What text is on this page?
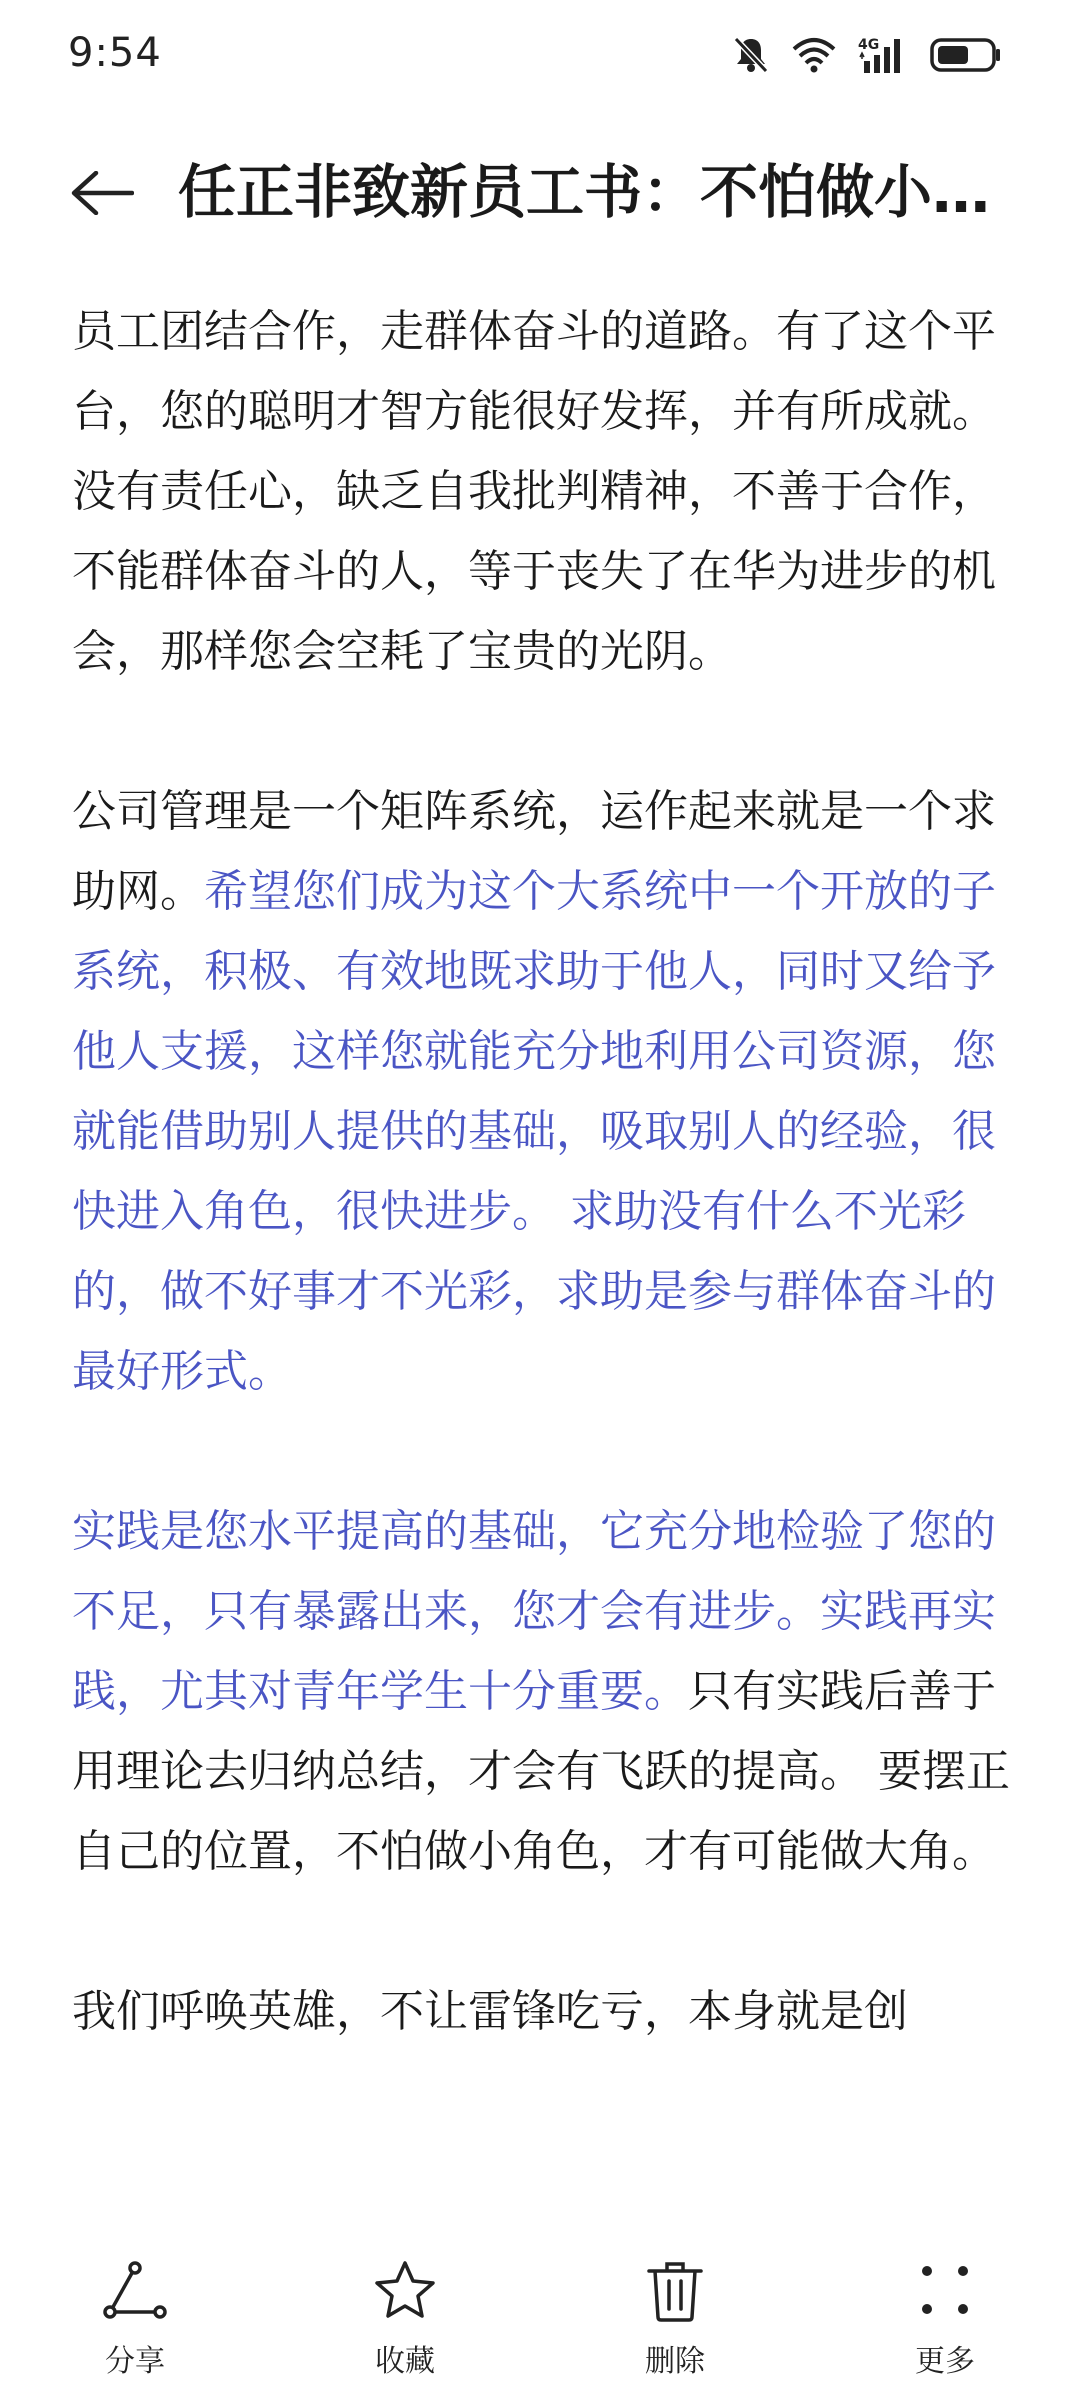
9:54	4G
任正非致新员工书：不怕做小…

员工团结合作，走群体奋斗的道路。有了这个平台，您的聪明才智方能很好发挥，并有所成就。没有责任心，缺乏自我批判精神，不善于合作，不能群体奋斗的人，等于丧失了在华为进步的机会，那样您会空耗了宝贵的光阴。

公司管理是一个矩阵系统，运作起来就是一个求助网。希望您们成为这个大系统中一个开放的子系统，积极、有效地既求助于他人，同时又给予他人支援，这样您就能充分地利用公司资源，您就能借助别人提供的基础，吸取别人的经验，很快进入角色，很快进步。 求助没有什么不光彩的，做不好事才不光彩，求助是参与群体奋斗的最好形式。

实践是您水平提高的基础，它充分地检验了您的不足，只有暴露出来，您才会有进步。实践再实践，尤其对青年学生十分重要。只有实践后善于用理论去归纳总结，才会有飞跃的提高。 要摆正自己的位置，不怕做小角色，才有可能做大角。

我们呼唤英雄，不让雷锋吃亏，本身就是创

分享	收藏	删除	更多
